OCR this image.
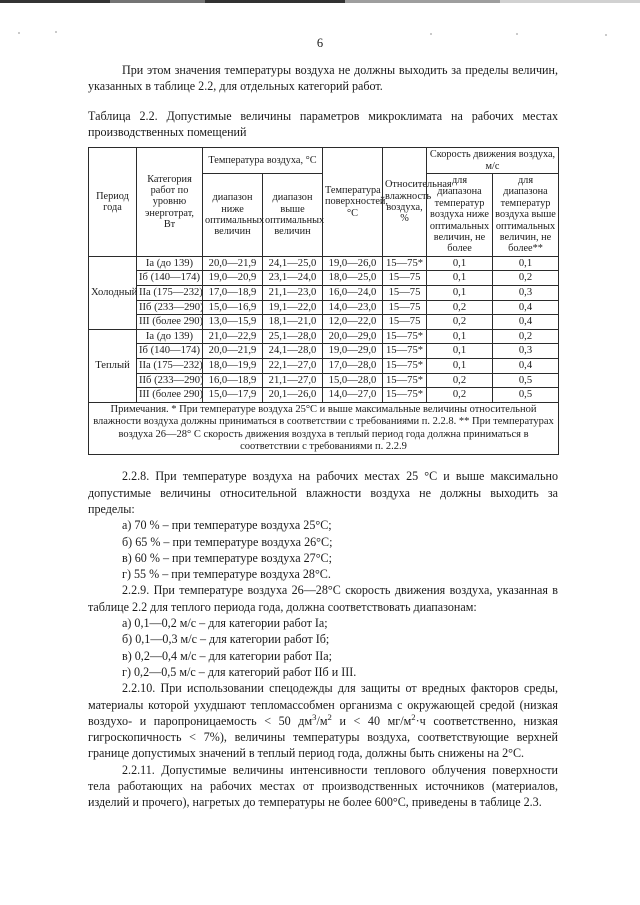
6

При этом значения температуры воздуха не должны выходить за пределы величин, указанных в таблице 2.2, для отдельных категорий работ.

Таблица 2.2. Допустимые величины параметров микроклимата на рабочих местах производственных помещений

Период года	Категория работ по уровню энерготрат, Вт	Температура воздуха, °С		Температура поверхностей, °С	Относительная влажность воздуха, %	Скорость движения воздуха, м/с	
		диапазон ниже оптимальных величин	диапазон выше оптимальных величин			для диапазона температур воздуха ниже оптимальных величин, не более	для диапазона температур воздуха выше оптимальных величин, не более**

Холодный	Ia (до 139)	20,0—21,9	24,1—25,0	19,0—26,0	15—75*	0,1	0,1
	Iб (140—174)	19,0—20,9	23,1—24,0	18,0—25,0	15—75	0,1	0,2
	IIа (175—232)	17,0—18,9	21,1—23,0	16,0—24,0	15—75	0,1	0,3
	IIб (233—290)	15,0—16,9	19,1—22,0	14,0—23,0	15—75	0,2	0,4
	III (более 290)	13,0—15,9	18,1—21,0	12,0—22,0	15—75	0,2	0,4
Теплый	Ia (до 139)	21,0—22,9	25,1—28,0	20,0—29,0	15—75*	0,1	0,2
	Iб (140—174)	20,0—21,9	24,1—28,0	19,0—29,0	15—75*	0,1	0,3
	IIа (175—232)	18,0—19,9	22,1—27,0	17,0—28,0	15—75*	0,1	0,4
	IIб (233—290)	16,0—18,9	21,1—27,0	15,0—28,0	15—75*	0,2	0,5
	III (более 290)	15,0—17,9	20,1—26,0	14,0—27,0	15—75*	0,2	0,5
Примечания. * При температуре воздуха 25°С и выше максимальные величины относительной влажности воздуха должны приниматься в соответствии с требованиями п. 2.2.8. ** При температурах воздуха 26—28° С скорость движения воздуха в теплый период года должна приниматься в соответствии с требованиями п. 2.2.9							

2.2.8. При температуре воздуха на рабочих местах 25 °С и выше максимально допустимые величины относительной влажности воздуха не должны выходить за пределы:

а) 70 % – при температуре воздуха 25°С;

б) 65 % – при температуре воздуха 26°С;

в) 60 % – при температуре воздуха 27°С;

г) 55 % – при температуре воздуха 28°С.

2.2.9. При температуре воздуха 26—28°С скорость движения воздуха, указанная в таблице 2.2 для теплого периода года, должна соответствовать диапазонам:

а) 0,1—0,2 м/с – для категории работ Ia;

б) 0,1—0,3 м/с – для категории работ Iб;

в) 0,2—0,4 м/с – для категории работ IIа;

г) 0,2—0,5 м/с – для категорий работ IIб и III.

2.2.10. При использовании спецодежды для защиты от вредных факторов среды, материалы которой ухудшают тепломассобмен организма с окружающей средой (низкая воздухо- и паропроницаемость < 50 $дм^3/м^2$ и < 40 $мг/м^2\cdot ч$ соответственно, низкая гигроскопичность < 7%), величины температуры воздуха, соответствующие верхней границе допустимых значений в теплый период года, должны быть снижены на 2°С.

2.2.11. Допустимые величины интенсивности теплового облучения поверхности тела работающих на рабочих местах от производственных источников (материалов, изделий и прочего), нагретых до температуры не более 600°С, приведены в таблице 2.3.
